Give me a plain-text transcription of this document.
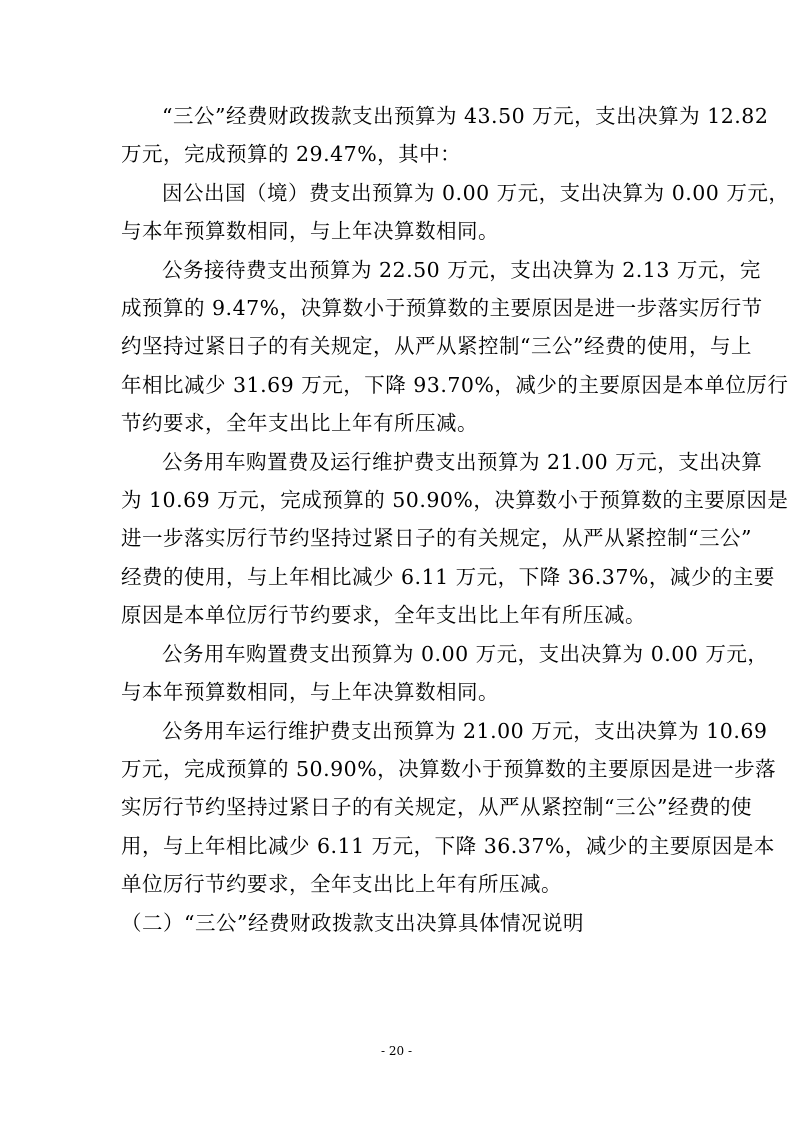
“三公”经费财政拨款支出预算为 43.50 万元，支出决算为 12.82
万元，完成预算的 29.47%，其中：
因公出国（境）费支出预算为 0.00 万元，支出决算为 0.00 万元，
与本年预算数相同，与上年决算数相同。
公务接待费支出预算为 22.50 万元，支出决算为 2.13 万元，完
成预算的 9.47%，决算数小于预算数的主要原因是进一步落实厉行节
约坚持过紧日子的有关规定，从严从紧控制“三公”经费的使用，与上
年相比减少 31.69 万元，下降 93.70%，减少的主要原因是本单位厉行
节约要求，全年支出比上年有所压减。
公务用车购置费及运行维护费支出预算为 21.00 万元，支出决算
为 10.69 万元，完成预算的 50.90%，决算数小于预算数的主要原因是
进一步落实厉行节约坚持过紧日子的有关规定，从严从紧控制“三公”
经费的使用，与上年相比减少 6.11 万元，下降 36.37%，减少的主要
原因是本单位厉行节约要求，全年支出比上年有所压减。
公务用车购置费支出预算为 0.00 万元，支出决算为 0.00 万元，
与本年预算数相同，与上年决算数相同。
公务用车运行维护费支出预算为 21.00 万元，支出决算为 10.69
万元，完成预算的 50.90%，决算数小于预算数的主要原因是进一步落
实厉行节约坚持过紧日子的有关规定，从严从紧控制“三公”经费的使
用，与上年相比减少 6.11 万元，下降 36.37%，减少的主要原因是本
单位厉行节约要求，全年支出比上年有所压减。

（二）“三公”经费财政拨款支出决算具体情况说明

- 20 -
